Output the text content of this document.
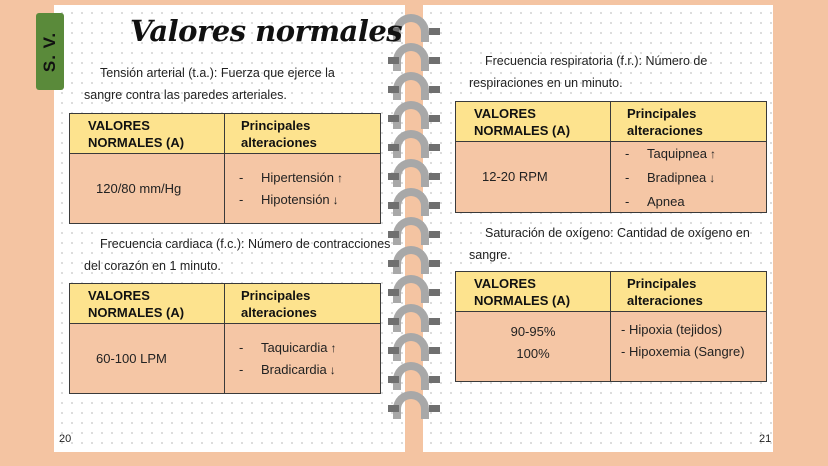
S. V.
Valores normales
Tensión arterial (t.a.): Fuerza que ejerce la
sangre contra las paredes arteriales.
VALORES
NORMALES (A)
Principales
alteraciones
120/80 mm/Hg
- Hipertensión ↑
- Hipotensión ↓
Frecuencia cardiaca (f.c.): Número de contracciones
del corazón en 1 minuto.
VALORES
NORMALES (A)
Principales
alteraciones
60-100 LPM
- Taquicardia ↑
- Bradicardia ↓
20
Frecuencia respiratoria (f.r.): Número de
respiraciones en un minuto.
VALORES
NORMALES (A)
Principales
alteraciones
12-20 RPM
- Taquipnea ↑
- Bradipnea ↓
- Apnea
Saturación de oxígeno: Cantidad de oxígeno en
sangre.
VALORES
NORMALES (A)
Principales
alteraciones
90-95%
100%
- Hipoxia (tejidos)
- Hipoxemia (Sangre)
21
